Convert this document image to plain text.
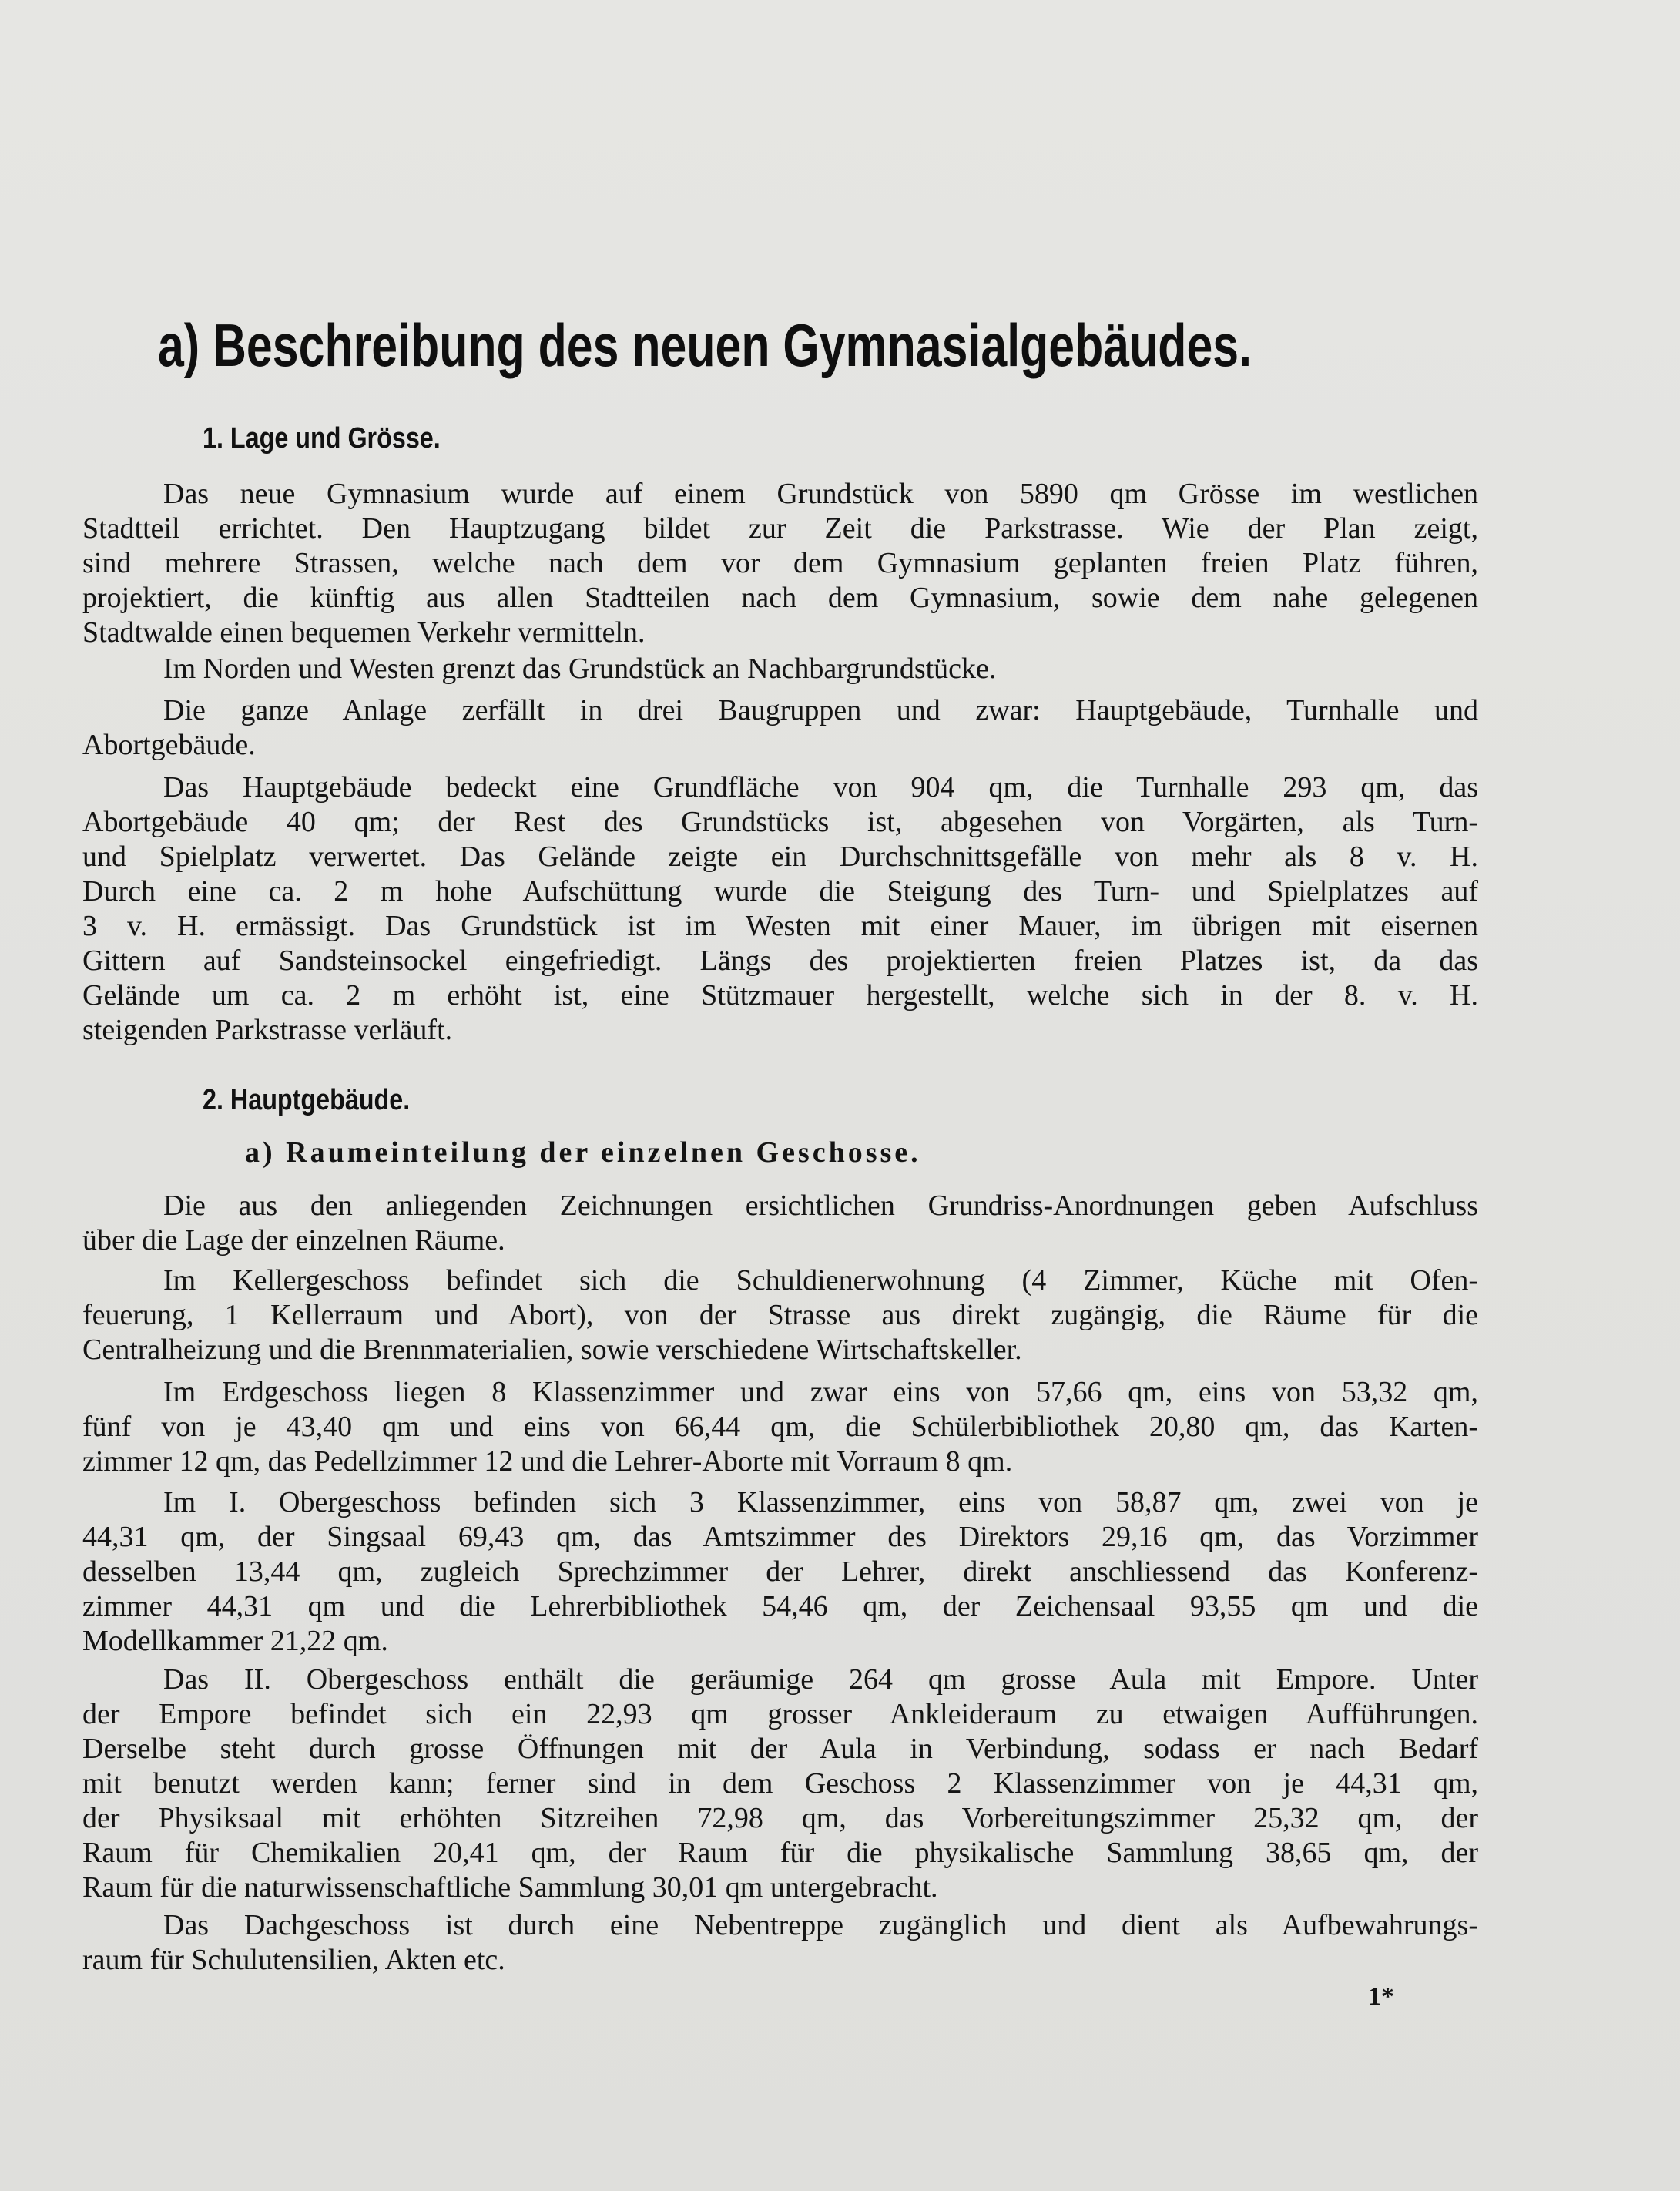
a) Beschreibung des neuen Gymnasialgebäudes.
1. Lage und Grösse.

Das neue Gymnasium wurde auf einem Grundstück von 5890 qm Grösse im westlichen
Stadtteil errichtet. Den Hauptzugang bildet zur Zeit die Parkstrasse. Wie der Plan zeigt,
sind mehrere Strassen, welche nach dem vor dem Gymnasium geplanten freien Platz führen,
projektiert, die künftig aus allen Stadtteilen nach dem Gymnasium, sowie dem nahe gelegenen
Stadtwalde einen bequemen Verkehr vermitteln.

Im Norden und Westen grenzt das Grundstück an Nachbargrundstücke.

Die ganze Anlage zerfällt in drei Baugruppen und zwar: Hauptgebäude, Turnhalle und
Abortgebäude.

Das Hauptgebäude bedeckt eine Grundfläche von 904 qm, die Turnhalle 293 qm, das
Abortgebäude 40 qm; der Rest des Grundstücks ist, abgesehen von Vorgärten, als Turn-
und Spielplatz verwertet. Das Gelände zeigte ein Durchschnittsgefälle von mehr als 8 v. H.
Durch eine ca. 2 m hohe Aufschüttung wurde die Steigung des Turn- und Spielplatzes auf
3 v. H. ermässigt. Das Grundstück ist im Westen mit einer Mauer, im übrigen mit eisernen
Gittern auf Sandsteinsockel eingefriedigt. Längs des projektierten freien Platzes ist, da das
Gelände um ca. 2 m erhöht ist, eine Stützmauer hergestellt, welche sich in der 8. v. H.
steigenden Parkstrasse verläuft.

2. Hauptgebäude.
a) Raumeinteilung der einzelnen Geschosse.

Die aus den anliegenden Zeichnungen ersichtlichen Grundriss-Anordnungen geben Aufschluss
über die Lage der einzelnen Räume.

Im Kellergeschoss befindet sich die Schuldienerwohnung (4 Zimmer, Küche mit Ofen-
feuerung, 1 Kellerraum und Abort), von der Strasse aus direkt zugängig, die Räume für die
Centralheizung und die Brennmaterialien, sowie verschiedene Wirtschaftskeller.

Im Erdgeschoss liegen 8 Klassenzimmer und zwar eins von 57,66 qm, eins von 53,32 qm,
fünf von je 43,40 qm und eins von 66,44 qm, die Schülerbibliothek 20,80 qm, das Karten-
zimmer 12 qm, das Pedellzimmer 12 und die Lehrer-Aborte mit Vorraum 8 qm.

Im I. Obergeschoss befinden sich 3 Klassenzimmer, eins von 58,87 qm, zwei von je
44,31 qm, der Singsaal 69,43 qm, das Amtszimmer des Direktors 29,16 qm, das Vorzimmer
desselben 13,44 qm, zugleich Sprechzimmer der Lehrer, direkt anschliessend das Konferenz-
zimmer 44,31 qm und die Lehrerbibliothek 54,46 qm, der Zeichensaal 93,55 qm und die
Modellkammer 21,22 qm.

Das II. Obergeschoss enthält die geräumige 264 qm grosse Aula mit Empore. Unter
der Empore befindet sich ein 22,93 qm grosser Ankleideraum zu etwaigen Aufführungen.
Derselbe steht durch grosse Öffnungen mit der Aula in Verbindung, sodass er nach Bedarf
mit benutzt werden kann; ferner sind in dem Geschoss 2 Klassenzimmer von je 44,31 qm,
der Physiksaal mit erhöhten Sitzreihen 72,98 qm, das Vorbereitungszimmer 25,32 qm, der
Raum für Chemikalien 20,41 qm, der Raum für die physikalische Sammlung 38,65 qm, der
Raum für die naturwissenschaftliche Sammlung 30,01 qm untergebracht.

Das Dachgeschoss ist durch eine Nebentreppe zugänglich und dient als Aufbewahrungs-
raum für Schulutensilien, Akten etc.

1*
